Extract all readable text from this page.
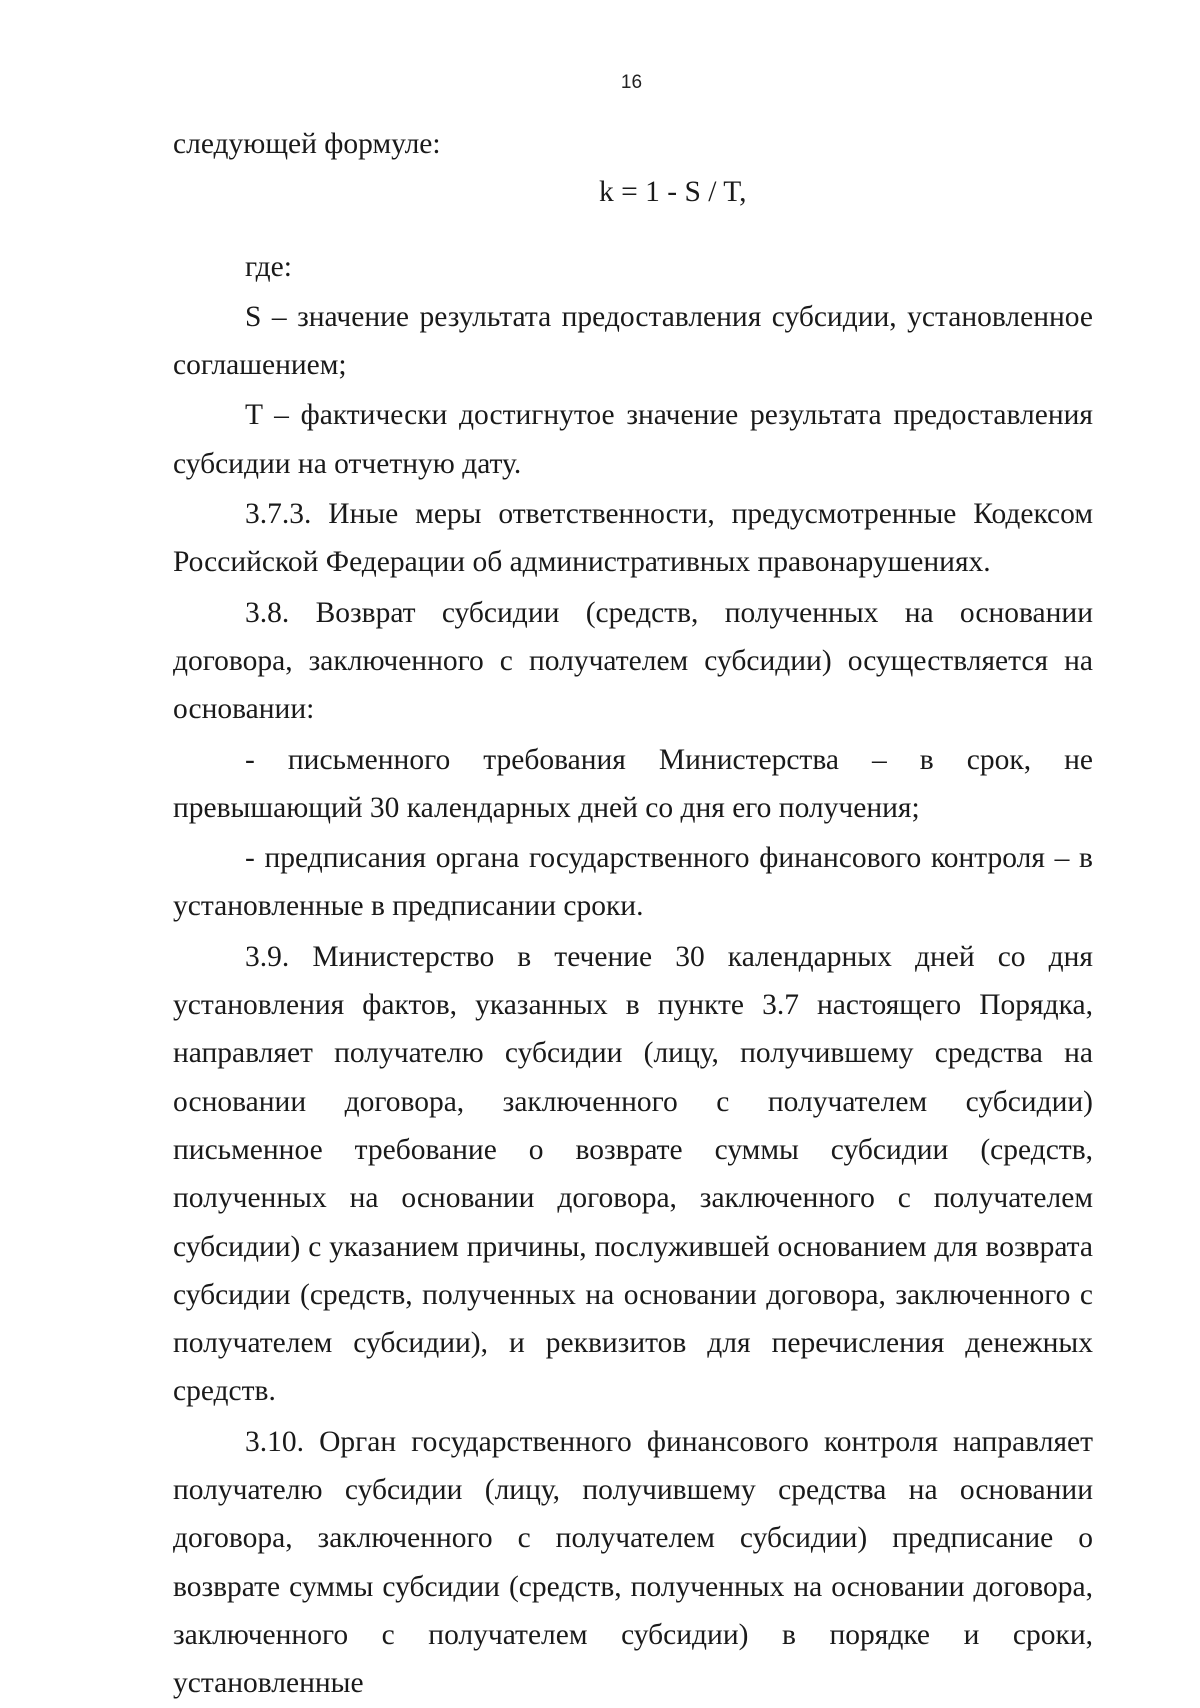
16

следующей формуле:

k = 1 - S / T,

где:

S – значение результата предоставления субсидии, установленное соглашением;

T – фактически достигнутое значение результата предоставления субсидии на отчетную дату.

3.7.3. Иные меры ответственности, предусмотренные Кодексом Российской Федерации об административных правонарушениях.

3.8. Возврат субсидии (средств, полученных на основании договора, заключенного с получателем субсидии) осуществляется на основании:

- письменного требования Министерства – в срок, не превышающий 30 календарных дней со дня его получения;

- предписания органа государственного финансового контроля – в установленные в предписании сроки.

3.9. Министерство в течение 30 календарных дней со дня установления фактов, указанных в пункте 3.7 настоящего Порядка, направляет получателю субсидии (лицу, получившему средства на основании договора, заключенного с получателем субсидии) письменное требование о возврате суммы субсидии (средств, полученных на основании договора, заключенного с получателем субсидии) с указанием причины, послужившей основанием для возврата субсидии (средств, полученных на основании договора, заключенного с получателем субсидии), и реквизитов для перечисления денежных средств.

3.10. Орган государственного финансового контроля направляет получателю субсидии (лицу, получившему средства на основании договора, заключенного с получателем субсидии) предписание о возврате суммы субсидии (средств, полученных на основании договора, заключенного с получателем субсидии) в порядке и сроки, установленные
